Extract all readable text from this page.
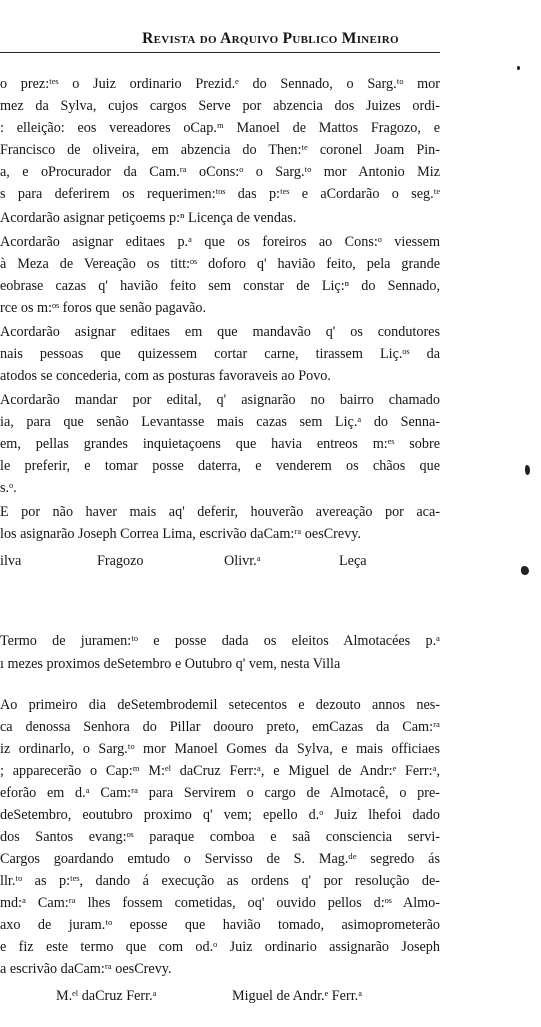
Revista do Arquivo Publico Mineiro
o prez:ᵗᵉˢ o Juiz ordinario Prezid.ᵉ do Sennado, o Sarg.ᵗᵒ mor
mez da Sylva, cujos cargos Serve por abzencia dos Juizes ordi-
: elleição: eos vereadores oCap.ᵐ Manoel de Mattos Fragozo, e
Francisco de oliveira, em abzencia do Then:ᵗᵉ coronel Joam Pin-
a, e oProcurador da Cam.ʳᵃ oCons:ᵒ o Sarg.ᵗᵒ mor Antonio Miz
s para deferirem os requerimen:ᵗᵒˢ das p:ᵗᵉˢ e aCordarão o seg.ᵗᵉ
Acordarão asignar petiçoems p:ⁿ Licença de vendas.
Acordarão asignar editaes p.ᵃ que os foreiros ao Cons:ᵒ viessem
à Meza de Vereação os titt:ᵒˢ doforo q' havião feito, pela grande
eobrase cazas q' havião feito sem constar de Liç:ⁿ do Sennado,
rce os m:ᵒˢ foros que senão pagavão.
Acordarão asignar editaes em que mandavão q' os condutores
nais pessoas que quizessem cortar carne, tirassem Liç.ᵒˢ da
atodos se concederia, com as posturas favoraveis ao Povo.
Acordarão mandar por edital, q' asignarão no bairro chamado
ia, para que senão Levantasse mais cazas sem Liç.ᵃ do Senna-
em, pellas grandes inquietaçoens que havia entreos m:ᵉˢ sobre
le preferir, e tomar posse daterra, e venderem os chãos que
s.ᵒ.
E por não haver mais aq' deferir, houverão avereação por aca-
los asignarão Joseph Correa Lima, escrivão daCam:ʳᵃ oesCrevy.
ilva	Fragozo	Olivr.ᵃ	Leça
Termo de juramen:ᵗᵒ e posse dada os eleitos Almotacées p.ᵃ
ı mezes proximos deSetembro e Outubro q' vem, nesta Villa
Ao primeiro dia deSetembrodemil setecentos e dezouto annos nes-
ca denossa Senhora do Pillar doouro preto, emCazas da Cam:ʳᵃ
iz ordinarlo, o Sarg.ᵗᵒ mor Manoel Gomes da Sylva, e mais officiaes
; apparecerão o Cap:ᵐ M:ᵉˡ daCruz Ferr:ᵃ, e Miguel de Andr:ᵉ Ferr:ᵃ,
eforão em d.ᵃ Cam:ʳᵃ para Servirem o cargo de Almotacê, o pre-
deSetembro, eoutubro proximo q' vem; epello d.ᵒ Juiz lhefoi dado
dos Santos evang:ᵒˢ paraque comboa e saã consciencia servi-
Cargos goardando emtudo o Servisso de S. Mag.ᵈᵉ segredo ás
llr.ᵗᵒ as p:ᵗᵉˢ, dando á execução as ordens q' por resolução de-
md:ᵃ Cam:ʳᵃ lhes fossem cometidas, oq' ouvido pellos d:ᵒˢ Almo-
axo de juram.ᵗᵒ eposse que havião tomado, asimoprometerão
e fiz este termo que com od.ᵒ Juiz ordinario assignarão Joseph
a escrivão daCam:ʳᵃ oesCrevy.
M.ᵉˡ daCruz Ferr.ᵃ	Miguel de Andr.ᵉ Ferr.ᵃ
